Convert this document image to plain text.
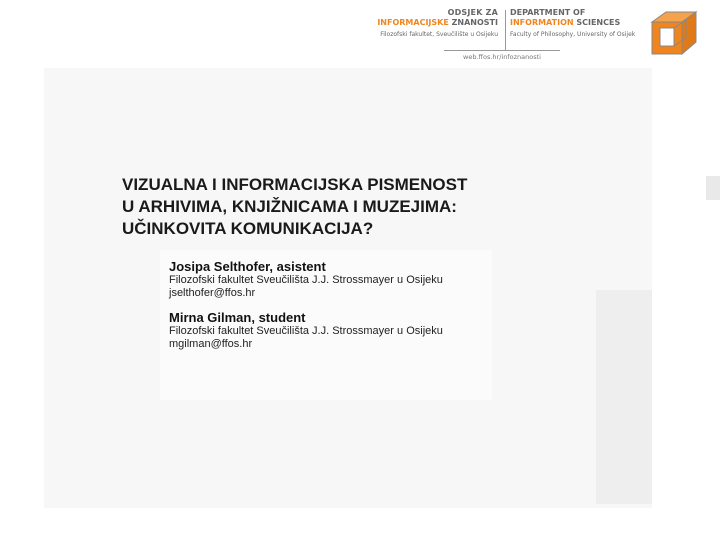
ODSJEK ZA
INFORMACIJSKE ZNANOSTI
Filozofski fakultet, Sveučilište u Osijeku
DEPARTMENT OF
INFORMATION SCIENCES
Faculty of Philosophy, University of Osijek
web.ffos.hr/infoznanosti
VIZUALNA I INFORMACIJSKA PISMENOST
U ARHIVIMA, KNJIŽNICAMA I MUZEJIMA:
UČINKOVITA KOMUNIKACIJA?
Josipa Selthofer, asistent
Filozofski fakultet Sveučilišta J.J. Strossmayer u Osijeku
jselthofer@ffos.hr
Mirna Gilman, student
Filozofski fakultet Sveučilišta J.J. Strossmayer u Osijeku
mgilman@ffos.hr
